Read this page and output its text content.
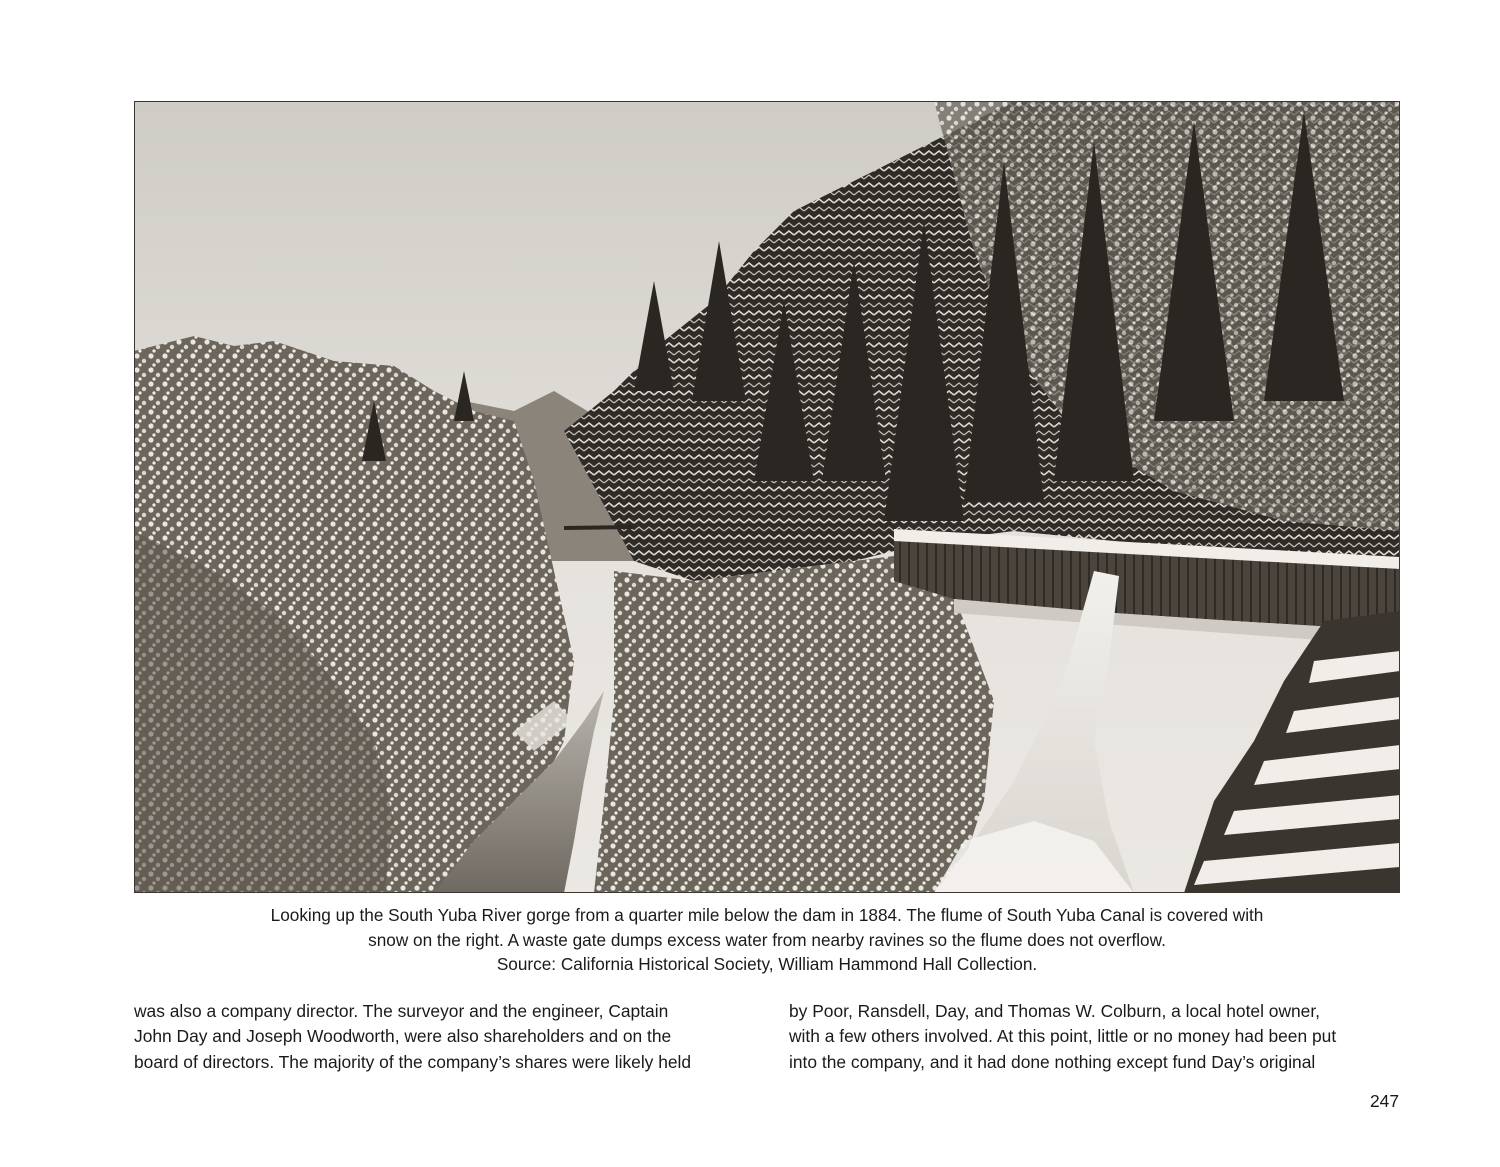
Looking up the South Yuba River gorge from a quarter mile below the dam in 1884. The flume of South Yuba Canal is covered with
snow on the right. A waste gate dumps excess water from nearby ravines so the flume does not overflow.
Source: California Historical Society, William Hammond Hall Collection.
was also a company director. The surveyor and the engineer, Captain
John Day and Joseph Woodworth, were also shareholders and on the
board of directors. The majority of the company’s shares were likely held
by Poor, Ransdell, Day, and Thomas W. Colburn, a local hotel owner,
with a few others involved. At this point, little or no money had been put
into the company, and it had done nothing except fund Day’s original
247
